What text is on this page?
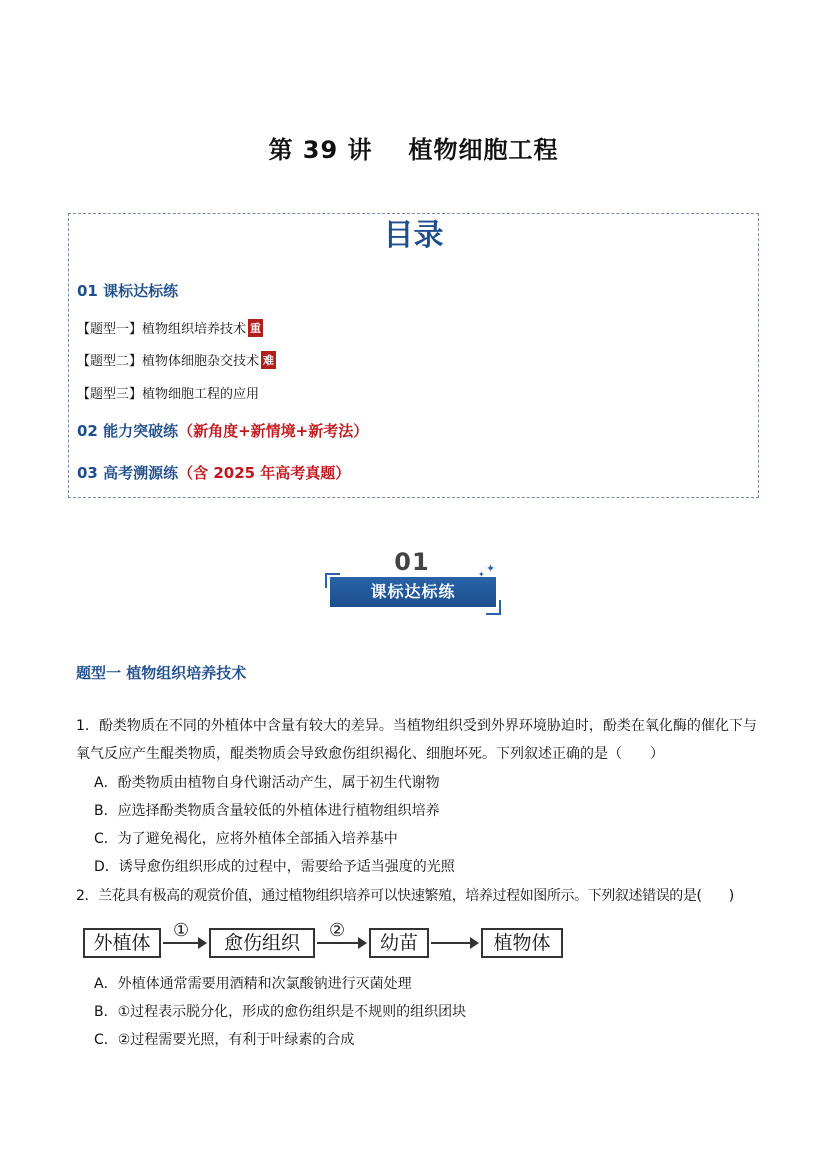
第 39 讲 植物细胞工程
目录
01 课标达标练
【题型一】植物组织培养技术 重
【题型二】植物体细胞杂交技术 难
【题型三】植物细胞工程的应用
02 能力突破练（新角度+新情境+新考法）
03 高考溯源练（含 2025 年高考真题）
01
课标达标练
✦
✦
题型一 植物组织培养技术
1．酚类物质在不同的外植体中含量有较大的差异。当植物组织受到外界环境胁迫时，酚类在氧化酶的催化下与氧气反应产生醌类物质，醌类物质会导致愈伤组织褐化、细胞坏死。下列叙述正确的是（　　）
A．酚类物质由植物自身代谢活动产生，属于初生代谢物
B．应选择酚类物质含量较低的外植体进行植物组织培养
C．为了避免褐化，应将外植体全部插入培养基中
D．诱导愈伤组织形成的过程中，需要给予适当强度的光照
2．兰花具有极高的观赏价值，通过植物组织培养可以快速繁殖，培养过程如图所示。下列叙述错误的是(　　)
外植体
①
愈伤组织
②
幼苗	植物体
A．外植体通常需要用酒精和次氯酸钠进行灭菌处理
B．①过程表示脱分化，形成的愈伤组织是不规则的组织团块
C．②过程需要光照，有利于叶绿素的合成
